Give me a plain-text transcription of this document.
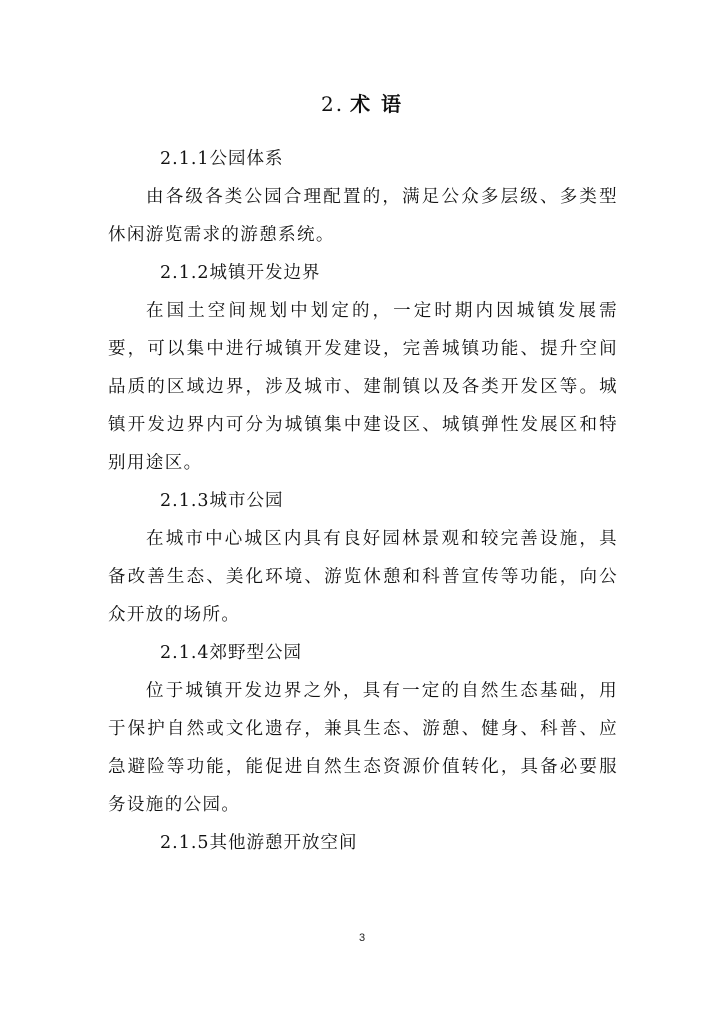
2. 术 语
2.1.1公园体系

由各级各类公园合理配置的，满足公众多层级、多类型休闲游览需求的游憩系统。

2.1.2城镇开发边界

在国土空间规划中划定的，一定时期内因城镇发展需要，可以集中进行城镇开发建设，完善城镇功能、提升空间品质的区域边界，涉及城市、建制镇以及各类开发区等。城镇开发边界内可分为城镇集中建设区、城镇弹性发展区和特别用途区。

2.1.3城市公园

在城市中心城区内具有良好园林景观和较完善设施，具备改善生态、美化环境、游览休憩和科普宣传等功能，向公众开放的场所。

2.1.4郊野型公园

位于城镇开发边界之外，具有一定的自然生态基础，用于保护自然或文化遗存，兼具生态、游憩、健身、科普、应急避险等功能，能促进自然生态资源价值转化，具备必要服务设施的公园。

2.1.5其他游憩开放空间
3
